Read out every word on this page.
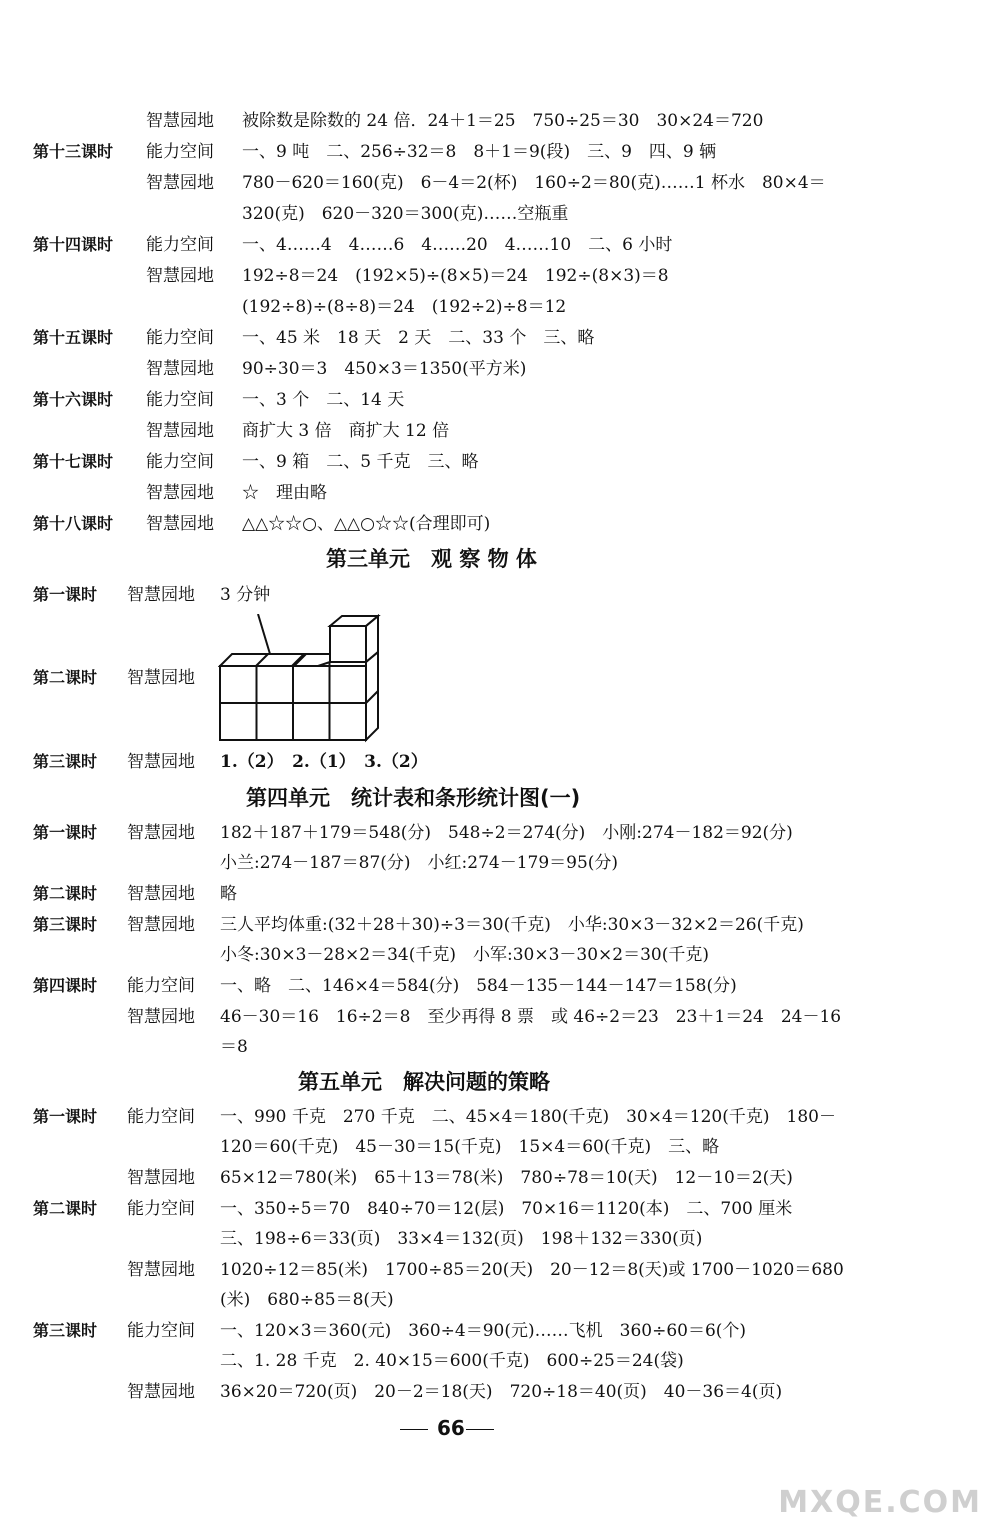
智慧园地 被除数是除数的 24 倍．24＋1＝25　750÷25＝30　30×24＝720
第十三课时 能力空间 一、9 吨　二、256÷32＝8　8＋1＝9(段)　三、9　四、9 辆
智慧园地 780－620＝160(克)　6－4＝2(杯)　160÷2＝80(克)……1 杯水　80×4＝
320(克)　620－320＝300(克)……空瓶重
第十四课时 能力空间 一、4……4　4……6　4……20　4……10　二、6 小时
智慧园地 192÷8＝24　(192×5)÷(8×5)＝24　192÷(8×3)＝8
(192÷8)÷(8÷8)＝24　(192÷2)÷8＝12
第十五课时 能力空间 一、45 米　18 天　2 天　二、33 个　三、略
智慧园地 90÷30＝3　450×3＝1350(平方米)
第十六课时 能力空间 一、3 个　二、14 天
智慧园地 商扩大 3 倍　商扩大 12 倍
第十七课时 能力空间 一、9 箱　二、5 千克　三、略
智慧园地 ☆　理由略
第十八课时 智慧园地 △△☆☆○、△△○☆☆(合理即可)
第三单元　观 察 物 体
第一课时 智慧园地 3 分钟
第二课时 智慧园地
第三课时 智慧园地 1.（2）　2.（1）　3.（2）
第四单元　统计表和条形统计图(一)
第一课时 智慧园地 182＋187＋179＝548(分)　548÷2＝274(分)　小刚:274－182＝92(分)
小兰:274－187＝87(分)　小红:274－179＝95(分)
第二课时 智慧园地 略
第三课时 智慧园地 三人平均体重:(32＋28＋30)÷3＝30(千克)　小华:30×3－32×2＝26(千克)
小冬:30×3－28×2＝34(千克)　小军:30×3－30×2＝30(千克)
第四课时 能力空间 一、略　二、146×4＝584(分)　584－135－144－147＝158(分)
智慧园地 46－30＝16　16÷2＝8　至少再得 8 票　或 46÷2＝23　23＋1＝24　24－16
＝8
第五单元　解决问题的策略
第一课时 能力空间 一、990 千克　270 千克　二、45×4＝180(千克)　30×4＝120(千克)　180－
120＝60(千克)　45－30＝15(千克)　15×4＝60(千克)　三、略
智慧园地 65×12＝780(米)　65＋13＝78(米)　780÷78＝10(天)　12－10＝2(天)
第二课时 能力空间 一、350÷5＝70　840÷70＝12(层)　70×16＝1120(本)　二、700 厘米
三、198÷6＝33(页)　33×4＝132(页)　198＋132＝330(页)
智慧园地 1020÷12＝85(米)　1700÷85＝20(天)　20－12＝8(天)或 1700－1020＝680
(米)　680÷85＝8(天)
第三课时 能力空间 一、120×3＝360(元)　360÷4＝90(元)……飞机　360÷60＝6(个)
二、1. 28 千克　2. 40×15＝600(千克)　600÷25＝24(袋)
智慧园地 36×20＝720(页)　20－2＝18(天)　720÷18＝40(页)　40－36＝4(页)
66
MXQE.COM
